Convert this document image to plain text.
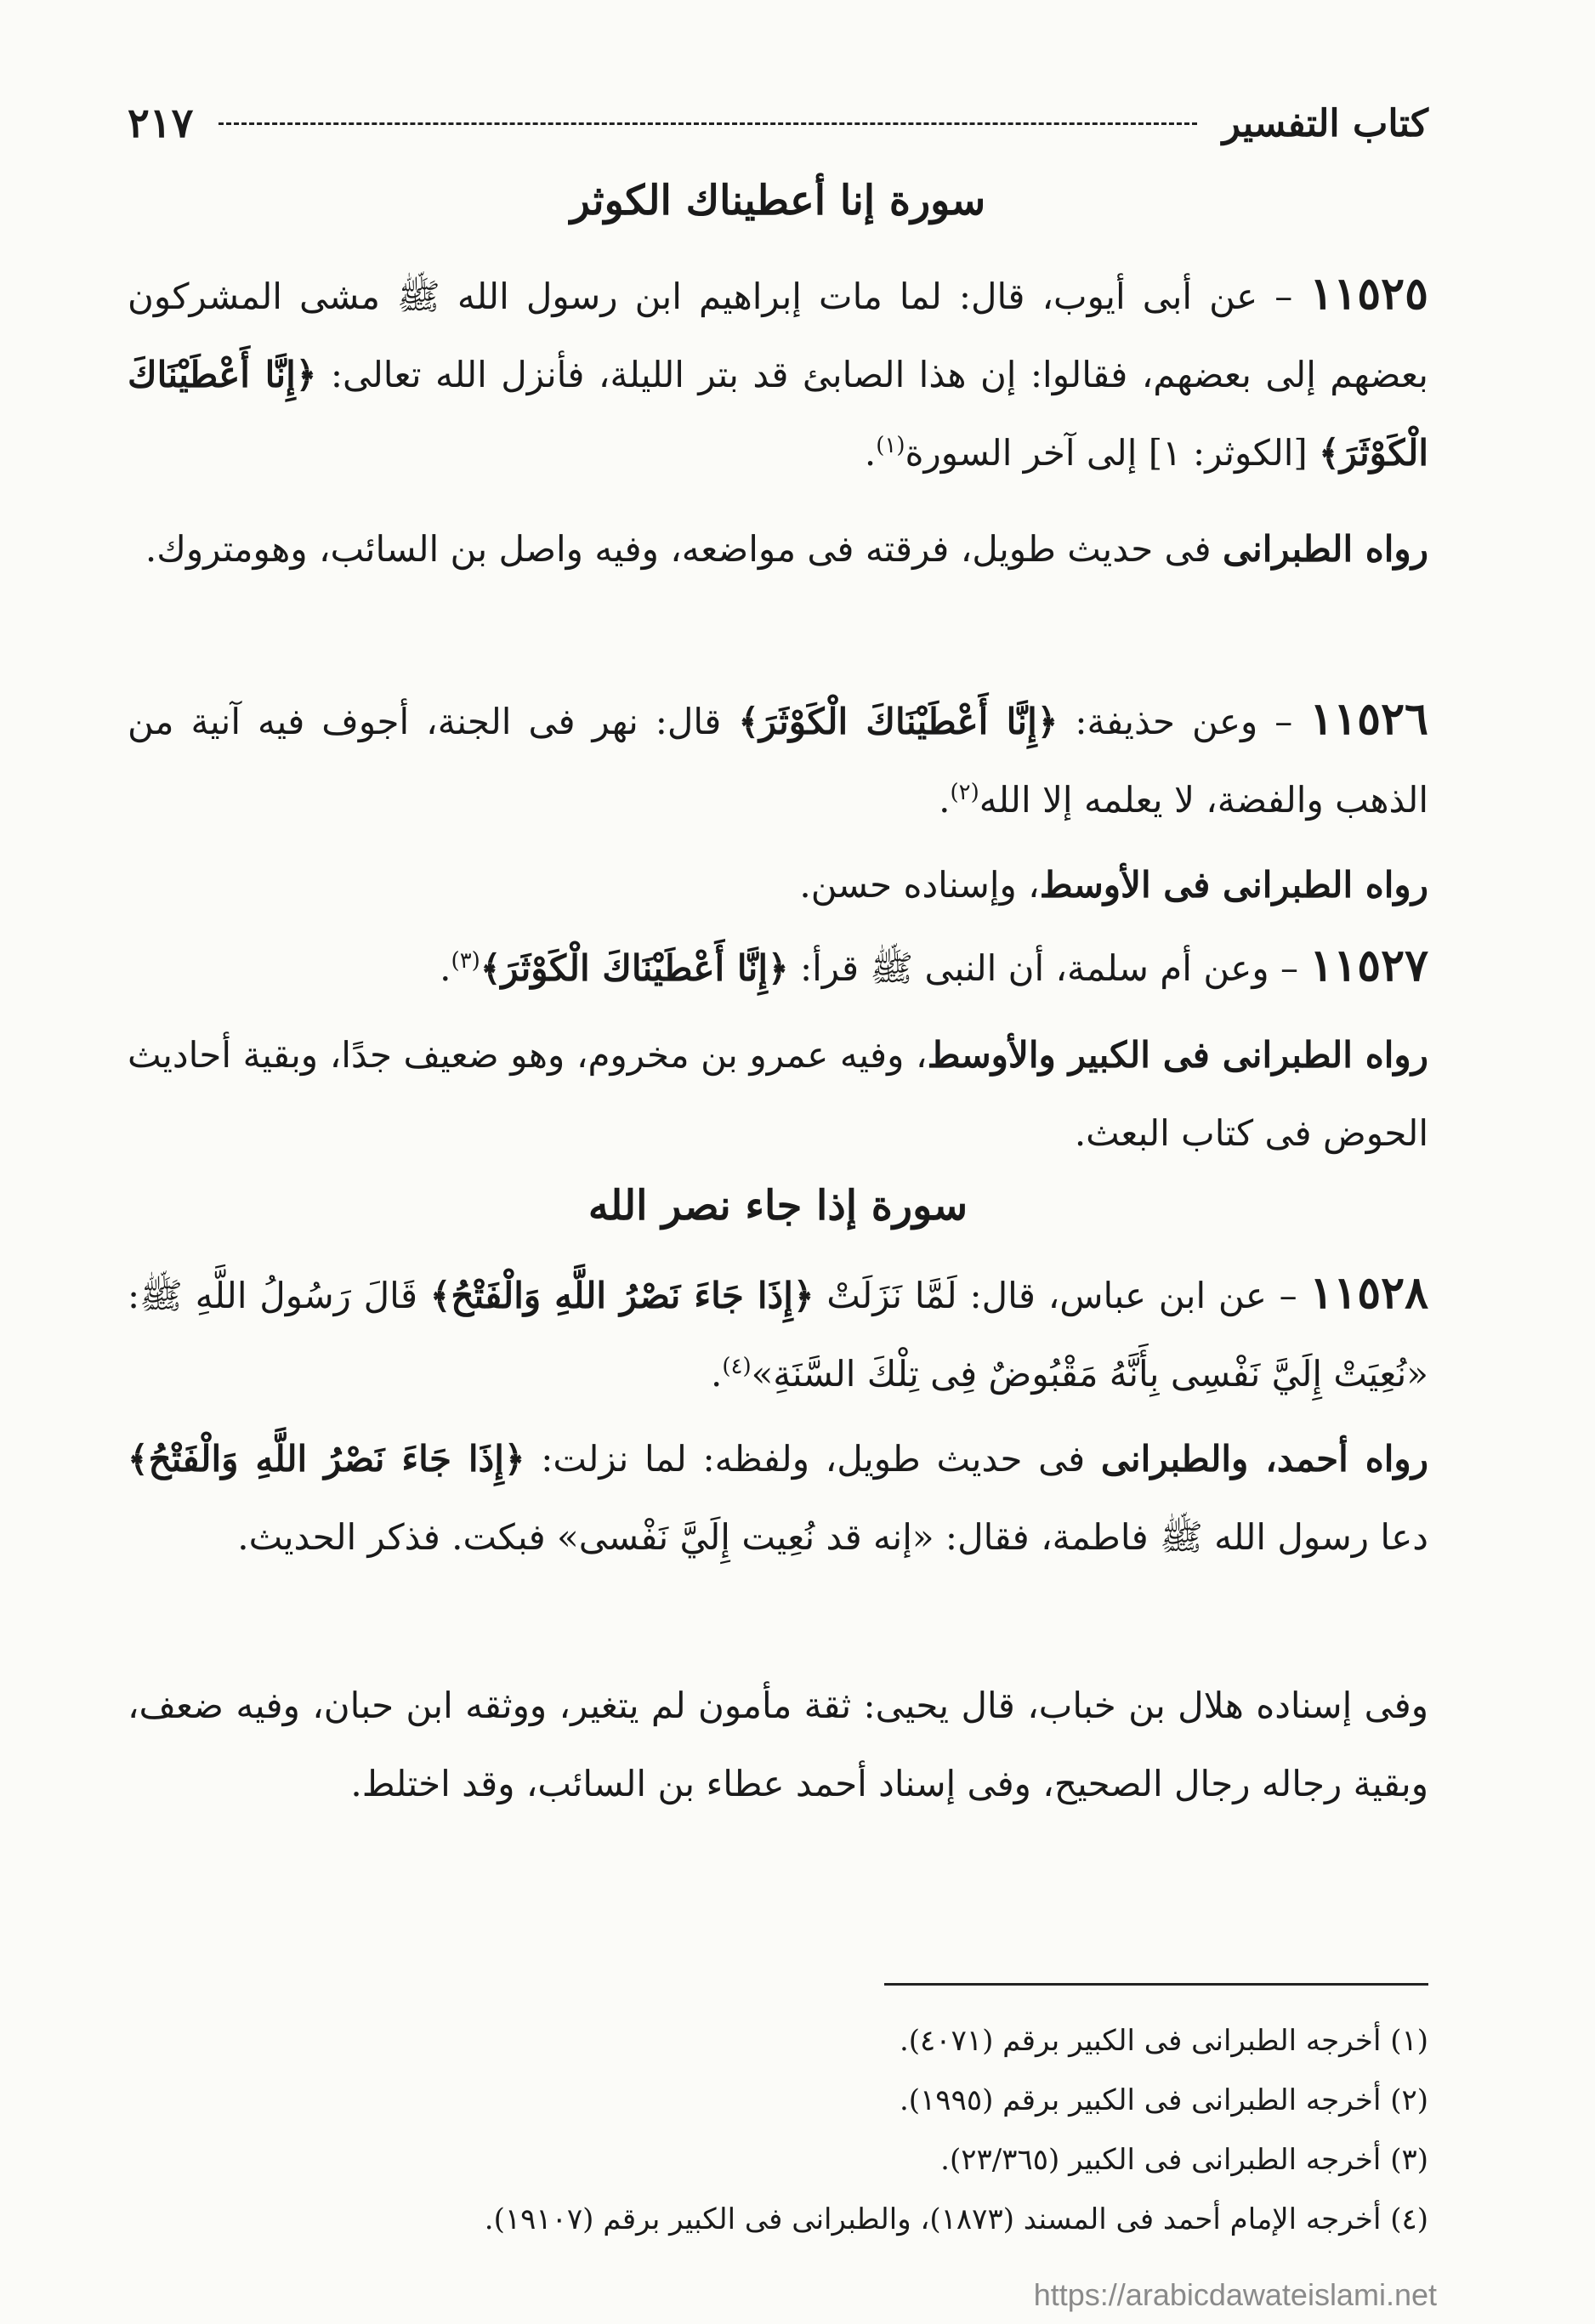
كتاب التفسير
٢١٧
سورة إنا أعطيناك الكوثر
١١٥٢٥ – عن أبى أيوب، قال: لما مات إبراهيم ابن رسول الله ﷺ مشى المشركون بعضهم إلى بعضهم، فقالوا: إن هذا الصابئ قد بتر الليلة، فأنزل الله تعالى: ﴿إِنَّا أَعْطَيْنَاكَ الْكَوْثَرَ﴾ [الكوثر: ١] إلى آخر السورة$^{(١)}$.
رواه الطبرانى فى حديث طويل، فرقته فى مواضعه، وفيه واصل بن السائب، وهومتروك.
١١٥٢٦ – وعن حذيفة: ﴿إِنَّا أَعْطَيْنَاكَ الْكَوْثَرَ﴾ قال: نهر فى الجنة، أجوف فيه آنية من الذهب والفضة، لا يعلمه إلا الله$^{(٢)}$.
رواه الطبرانى فى الأوسط، وإسناده حسن.
١١٥٢٧ – وعن أم سلمة، أن النبى ﷺ قرأ: ﴿إِنَّا أَعْطَيْنَاكَ الْكَوْثَرَ﴾$^{(٣)}$.
رواه الطبرانى فى الكبير والأوسط، وفيه عمرو بن مخروم، وهو ضعيف جدًا، وبقية أحاديث الحوض فى كتاب البعث.
سورة إذا جاء نصر الله
١١٥٢٨ – عن ابن عباس، قال: لَمَّا نَزَلَتْ ﴿إِذَا جَاءَ نَصْرُ اللَّهِ وَالْفَتْحُ﴾ قَالَ رَسُولُ اللَّهِ ﷺ: «نُعِيَتْ إِلَيَّ نَفْسِى بِأَنَّهُ مَقْبُوضٌ فِى تِلْكَ السَّنَةِ»$^{(٤)}$.
رواه أحمد، والطبرانى فى حديث طويل، ولفظه: لما نزلت: ﴿إِذَا جَاءَ نَصْرُ اللَّهِ وَالْفَتْحُ﴾ دعا رسول الله ﷺ فاطمة، فقال: «إنه قد نُعِيت إِلَيَّ نَفْسى» فبكت. فذكر الحديث.
وفى إسناده هلال بن خباب، قال يحيى: ثقة مأمون لم يتغير، ووثقه ابن حبان، وفيه ضعف، وبقية رجاله رجال الصحيح، وفى إسناد أحمد عطاء بن السائب، وقد اختلط.
(١) أخرجه الطبرانى فى الكبير برقم (٤٠٧١).
(٢) أخرجه الطبرانى فى الكبير برقم (١٩٩٥).
(٣) أخرجه الطبرانى فى الكبير (٢٣/٣٦٥).
(٤) أخرجه الإمام أحمد فى المسند (١٨٧٣)، والطبرانى فى الكبير برقم (١٩١٠٧).
https://arabicdawateislami.net
